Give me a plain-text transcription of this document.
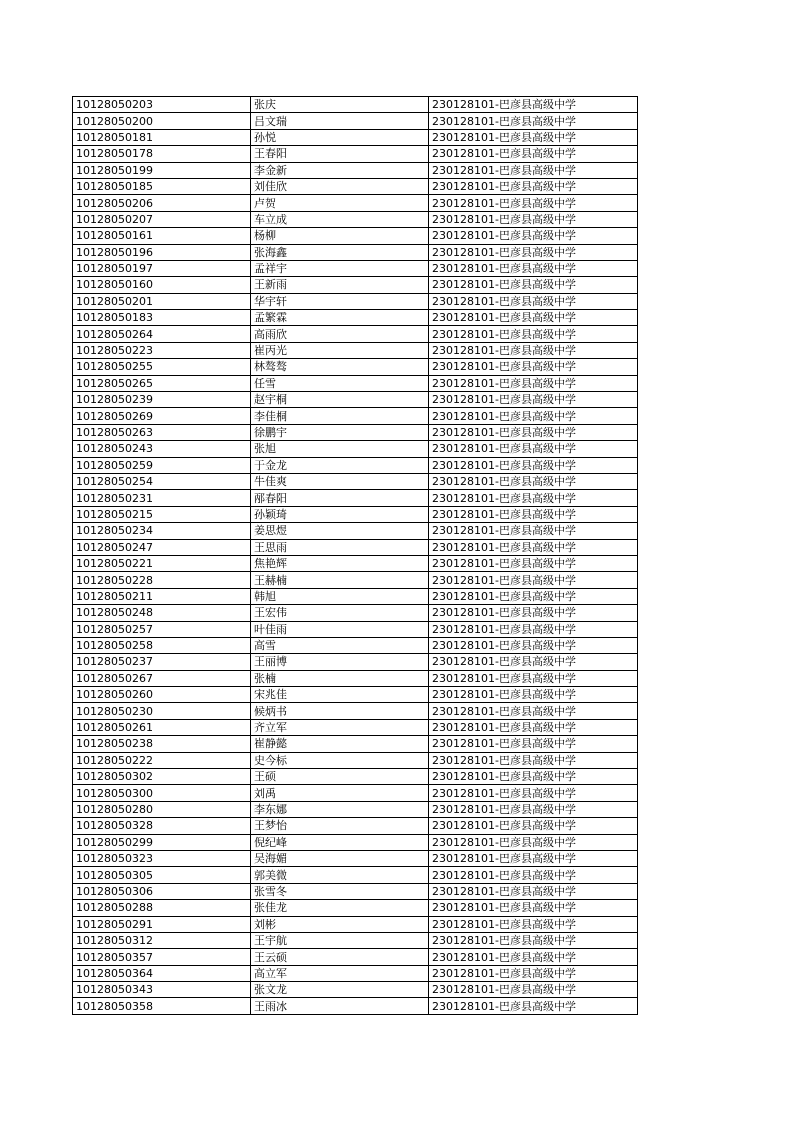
10128050203	张庆	230128101-巴彦县高级中学
10128050200	吕文瑞	230128101-巴彦县高级中学
10128050181	孙悦	230128101-巴彦县高级中学
10128050178	王春阳	230128101-巴彦县高级中学
10128050199	李金新	230128101-巴彦县高级中学
10128050185	刘佳欣	230128101-巴彦县高级中学
10128050206	卢贺	230128101-巴彦县高级中学
10128050207	车立成	230128101-巴彦县高级中学
10128050161	杨柳	230128101-巴彦县高级中学
10128050196	张海鑫	230128101-巴彦县高级中学
10128050197	孟祥宇	230128101-巴彦县高级中学
10128050160	王新雨	230128101-巴彦县高级中学
10128050201	华宇轩	230128101-巴彦县高级中学
10128050183	孟繁霖	230128101-巴彦县高级中学
10128050264	高雨欣	230128101-巴彦县高级中学
10128050223	崔丙光	230128101-巴彦县高级中学
10128050255	林骜骜	230128101-巴彦县高级中学
10128050265	任雪	230128101-巴彦县高级中学
10128050239	赵宇桐	230128101-巴彦县高级中学
10128050269	李佳桐	230128101-巴彦县高级中学
10128050263	徐鹏宇	230128101-巴彦县高级中学
10128050243	张旭	230128101-巴彦县高级中学
10128050259	于金龙	230128101-巴彦县高级中学
10128050254	牛佳爽	230128101-巴彦县高级中学
10128050231	邴春阳	230128101-巴彦县高级中学
10128050215	孙颖琦	230128101-巴彦县高级中学
10128050234	姜思煜	230128101-巴彦县高级中学
10128050247	王思雨	230128101-巴彦县高级中学
10128050221	焦艳辉	230128101-巴彦县高级中学
10128050228	王赫楠	230128101-巴彦县高级中学
10128050211	韩旭	230128101-巴彦县高级中学
10128050248	王宏伟	230128101-巴彦县高级中学
10128050257	叶佳雨	230128101-巴彦县高级中学
10128050258	高雪	230128101-巴彦县高级中学
10128050237	王丽博	230128101-巴彦县高级中学
10128050267	张楠	230128101-巴彦县高级中学
10128050260	宋兆佳	230128101-巴彦县高级中学
10128050230	候炳书	230128101-巴彦县高级中学
10128050261	齐立军	230128101-巴彦县高级中学
10128050238	崔静懿	230128101-巴彦县高级中学
10128050222	史今标	230128101-巴彦县高级中学
10128050302	王硕	230128101-巴彦县高级中学
10128050300	刘禹	230128101-巴彦县高级中学
10128050280	李东娜	230128101-巴彦县高级中学
10128050328	王梦怡	230128101-巴彦县高级中学
10128050299	倪纪峰	230128101-巴彦县高级中学
10128050323	吴海媚	230128101-巴彦县高级中学
10128050305	郭美微	230128101-巴彦县高级中学
10128050306	张雪冬	230128101-巴彦县高级中学
10128050288	张佳龙	230128101-巴彦县高级中学
10128050291	刘彬	230128101-巴彦县高级中学
10128050312	王宇航	230128101-巴彦县高级中学
10128050357	王云硕	230128101-巴彦县高级中学
10128050364	高立军	230128101-巴彦县高级中学
10128050343	张文龙	230128101-巴彦县高级中学
10128050358	王雨冰	230128101-巴彦县高级中学
